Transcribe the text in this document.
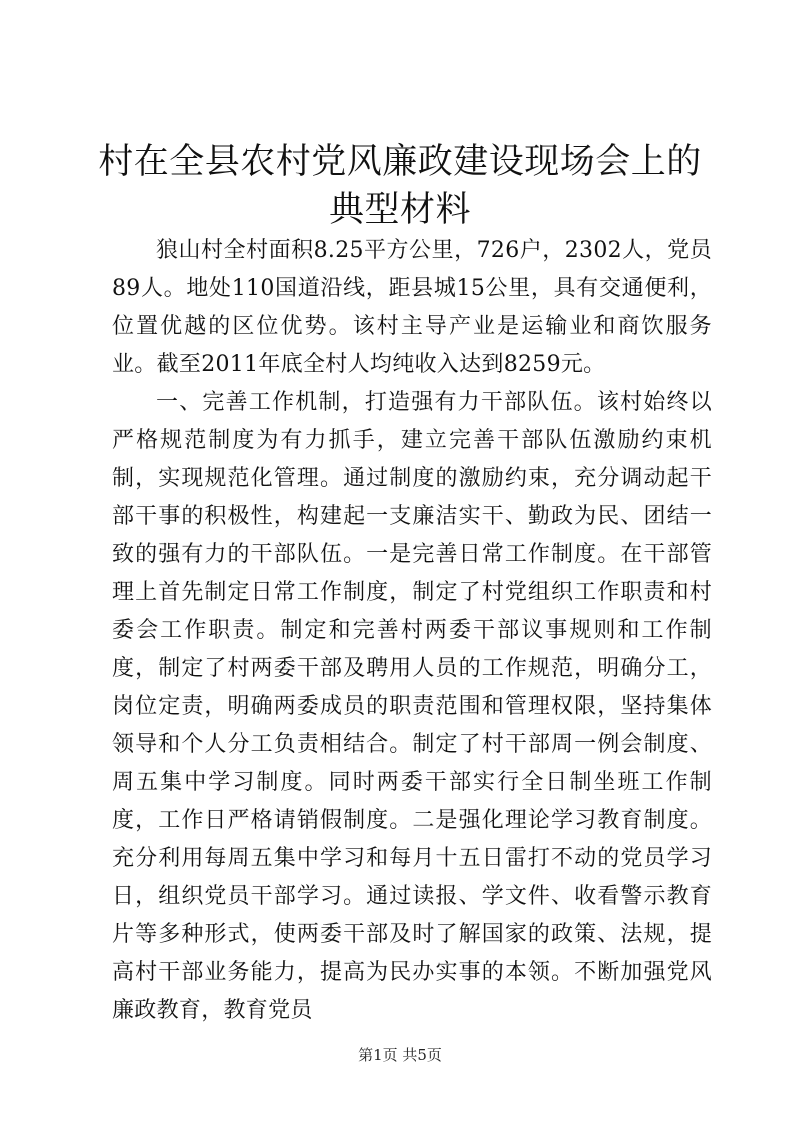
村在全县农村党风廉政建设现场会上的典型材料

狼山村全村面积8.25平方公里，726户，2302人，党员89人。地处110国道沿线，距县城15公里，具有交通便利，位置优越的区位优势。该村主导产业是运输业和商饮服务业。截至2011年底全村人均纯收入达到8259元。

一、完善工作机制，打造强有力干部队伍。该村始终以严格规范制度为有力抓手，建立完善干部队伍激励约束机制，实现规范化管理。通过制度的激励约束，充分调动起干部干事的积极性，构建起一支廉洁实干、勤政为民、团结一致的强有力的干部队伍。一是完善日常工作制度。在干部管理上首先制定日常工作制度，制定了村党组织工作职责和村委会工作职责。制定和完善村两委干部议事规则和工作制度，制定了村两委干部及聘用人员的工作规范，明确分工，岗位定责，明确两委成员的职责范围和管理权限，坚持集体领导和个人分工负责相结合。制定了村干部周一例会制度、周五集中学习制度。同时两委干部实行全日制坐班工作制度，工作日严格请销假制度。二是强化理论学习教育制度。充分利用每周五集中学习和每月十五日雷打不动的党员学习日，组织党员干部学习。通过读报、学文件、收看警示教育片等多种形式，使两委干部及时了解国家的政策、法规，提高村干部业务能力，提高为民办实事的本领。不断加强党风廉政教育，教育党员

第1页 共5页
